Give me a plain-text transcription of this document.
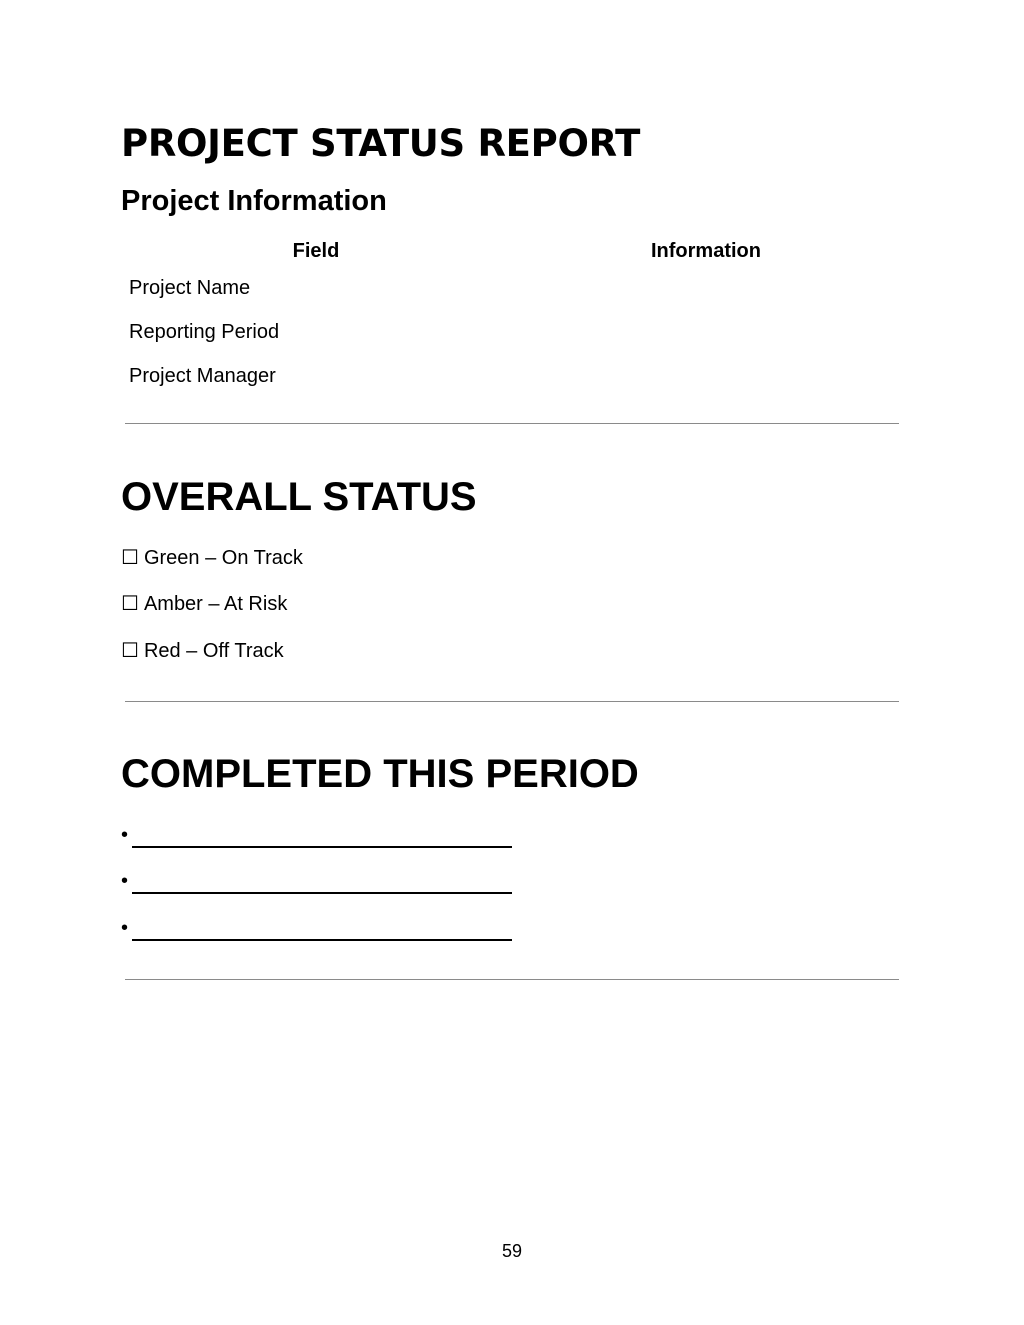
PROJECT STATUS REPORT
Project Information
Field	Information
Project Name	
Reporting Period	
Project Manager	
OVERALL STATUS
☐ Green – On Track
☐ Amber – At Risk
☐ Red – Off Track
COMPLETED THIS PERIOD
•
•
•
59
